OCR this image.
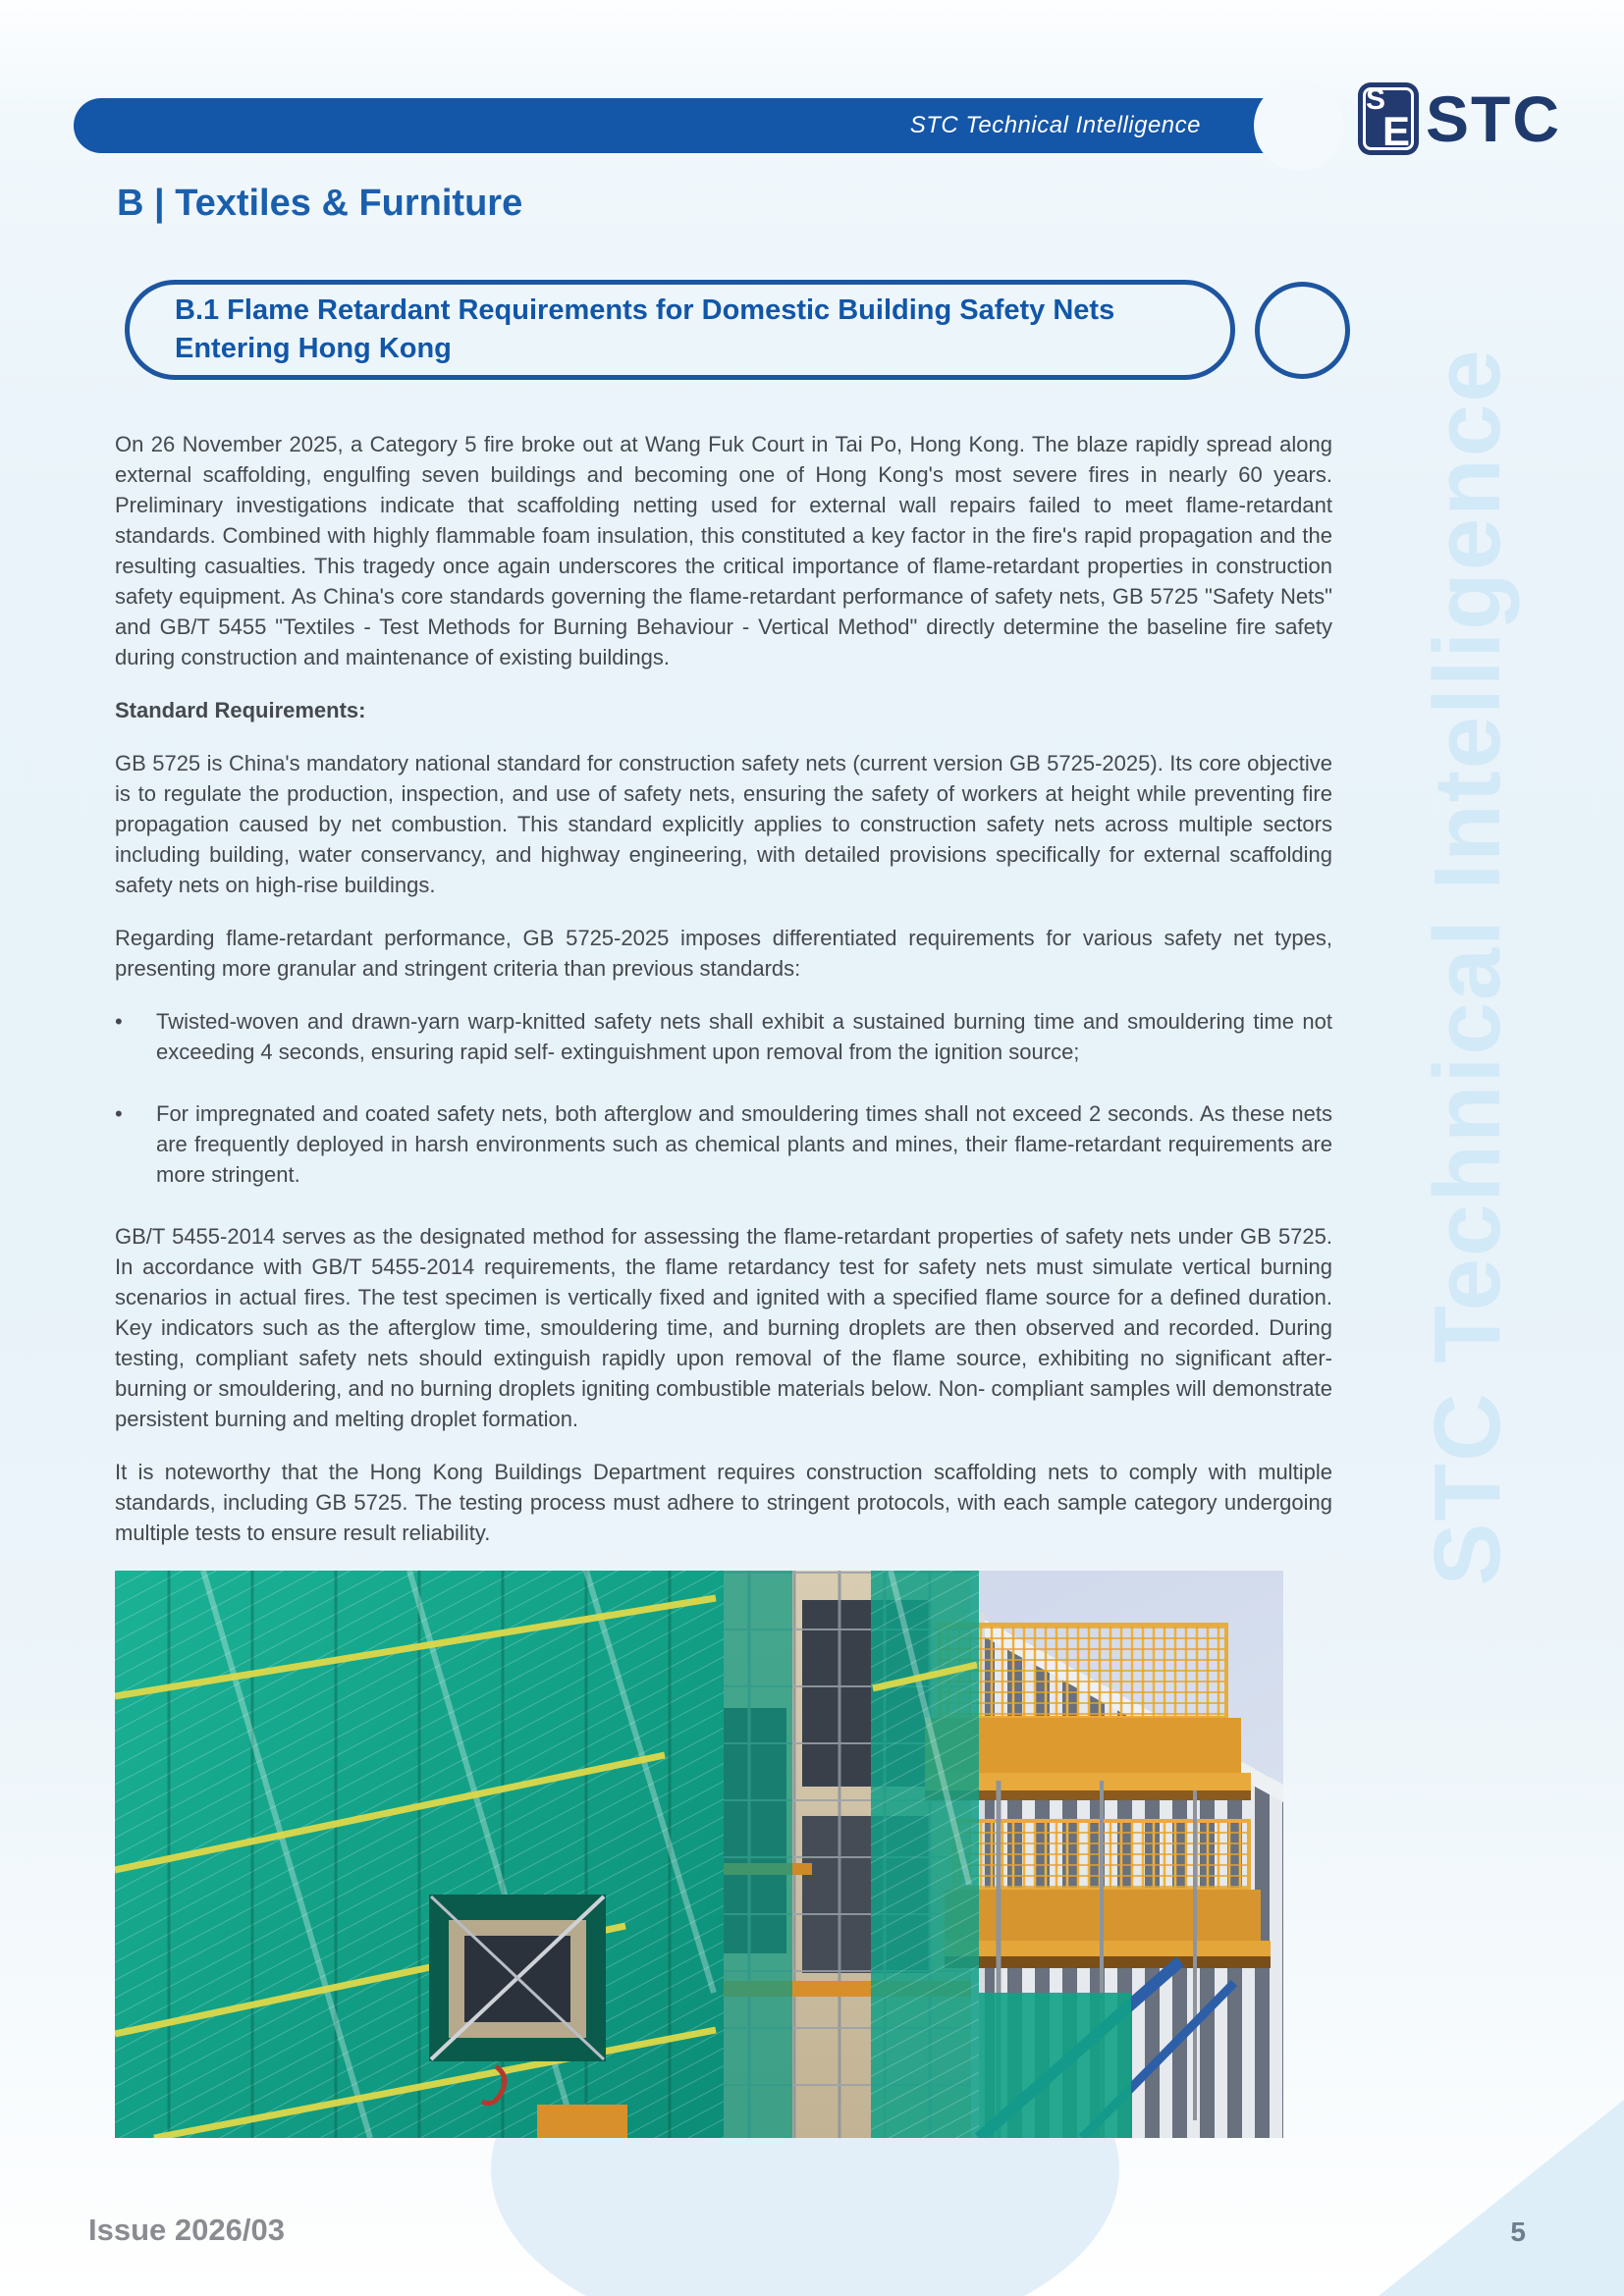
STC Technical Intelligence
STC Technical Intelligence
S
E STC
B | Textiles & Furniture
B.1 Flame Retardant Requirements for Domestic Building Safety Nets Entering Hong Kong

On 26 November 2025, a Category 5 fire broke out at Wang Fuk Court in Tai Po, Hong Kong. The blaze rapidly spread along external scaffolding, engulfing seven buildings and becoming one of Hong Kong's most severe fires in nearly 60 years. Preliminary investigations indicate that scaffolding netting used for external wall repairs failed to meet flame-retardant standards. Combined with highly flammable foam insulation, this constituted a key factor in the fire's rapid propagation and the resulting casualties. This tragedy once again underscores the critical importance of flame-retardant properties in construction safety equipment. As China's core standards governing the flame-retardant performance of safety nets, GB 5725 "Safety Nets" and GB/T 5455 "Textiles - Test Methods for Burning Behaviour - Vertical Method" directly determine the baseline fire safety during construction and maintenance of existing buildings.

Standard Requirements:

GB 5725 is China's mandatory national standard for construction safety nets (current version GB 5725-2025). Its core objective is to regulate the production, inspection, and use of safety nets, ensuring the safety of workers at height while preventing fire propagation caused by net combustion. This standard explicitly applies to construction safety nets across multiple sectors including building, water conservancy, and highway engineering, with detailed provisions specifically for external scaffolding safety nets on high-rise buildings.

Regarding flame-retardant performance, GB 5725-2025 imposes differentiated requirements for various safety net types, presenting more granular and stringent criteria than previous standards:

•	Twisted-woven and drawn-yarn warp-knitted safety nets shall exhibit a sustained burning time and smouldering time not exceeding 4 seconds, ensuring rapid self- extinguishment upon removal from the ignition source;
•	For impregnated and coated safety nets, both afterglow and smouldering times shall not exceed 2 seconds. As these nets are frequently deployed in harsh environments such as chemical plants and mines, their flame-retardant requirements are more stringent.

GB/T 5455-2014 serves as the designated method for assessing the flame-retardant properties of safety nets under GB 5725. In accordance with GB/T 5455-2014 requirements, the flame retardancy test for safety nets must simulate vertical burning scenarios in actual fires. The test specimen is vertically fixed and ignited with a specified flame source for a defined duration. Key indicators such as the afterglow time, smouldering time, and burning droplets are then observed and recorded. During testing, compliant safety nets should extinguish rapidly upon removal of the flame source, exhibiting no significant after- burning or smouldering, and no burning droplets igniting combustible materials below. Non- compliant samples will demonstrate persistent burning and melting droplet formation.

It is noteworthy that the Hong Kong Buildings Department requires construction scaffolding nets to comply with multiple standards, including GB 5725. The testing process must adhere to stringent protocols, with each sample category undergoing multiple tests to ensure result reliability.

Issue 2026/03	5
